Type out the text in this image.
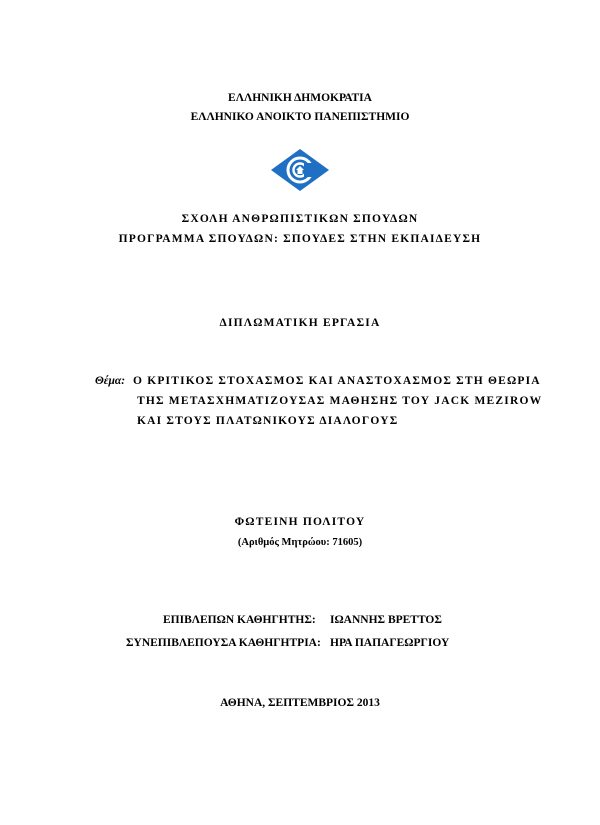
ΕΛΛΗΝΙΚΗ ΔΗΜΟΚΡΑΤΙΑ
ΕΛΛΗΝΙΚΟ ΑΝΟΙΚΤΟ ΠΑΝΕΠΙΣΤΗΜΙΟ
ΣΧΟΛΗ ΑΝΘΡΩΠΙΣΤΙΚΩΝ ΣΠΟΥΔΩΝ
ΠΡΟΓΡΑΜΜΑ ΣΠΟΥΔΩΝ: ΣΠΟΥΔΕΣ ΣΤΗΝ ΕΚΠΑΙΔΕΥΣΗ
ΔΙΠΛΩΜΑΤΙΚΗ ΕΡΓΑΣΙΑ
Θέμα: Ο ΚΡΙΤΙΚΟΣ ΣΤΟΧΑΣΜΟΣ ΚΑΙ ΑΝΑΣΤΟΧΑΣΜΟΣ ΣΤΗ ΘΕΩΡΙΑ
ΤΗΣ ΜΕΤΑΣΧΗΜΑΤΙΖΟΥΣΑΣ ΜΑΘΗΣΗΣ ΤΟΥ JACK MEZIROW
ΚΑΙ ΣΤΟΥΣ ΠΛΑΤΩΝΙΚΟΥΣ ΔΙΑΛΟΓΟΥΣ
ΦΩΤΕΙΝΗ ΠΟΛΙΤΟΥ
(Αριθμός Μητρώου: 71605)
ΕΠΙΒΛΕΠΩΝ ΚΑΘΗΓΗΤΗΣ: ΙΩΑΝΝΗΣ ΒΡΕΤΤΟΣ
ΣΥΝΕΠΙΒΛΕΠΟΥΣΑ ΚΑΘΗΓΗΤΡΙΑ: ΗΡΑ ΠΑΠΑΓΕΩΡΓΙΟΥ
ΑΘΗΝΑ, ΣΕΠΤΕΜΒΡΙΟΣ 2013
